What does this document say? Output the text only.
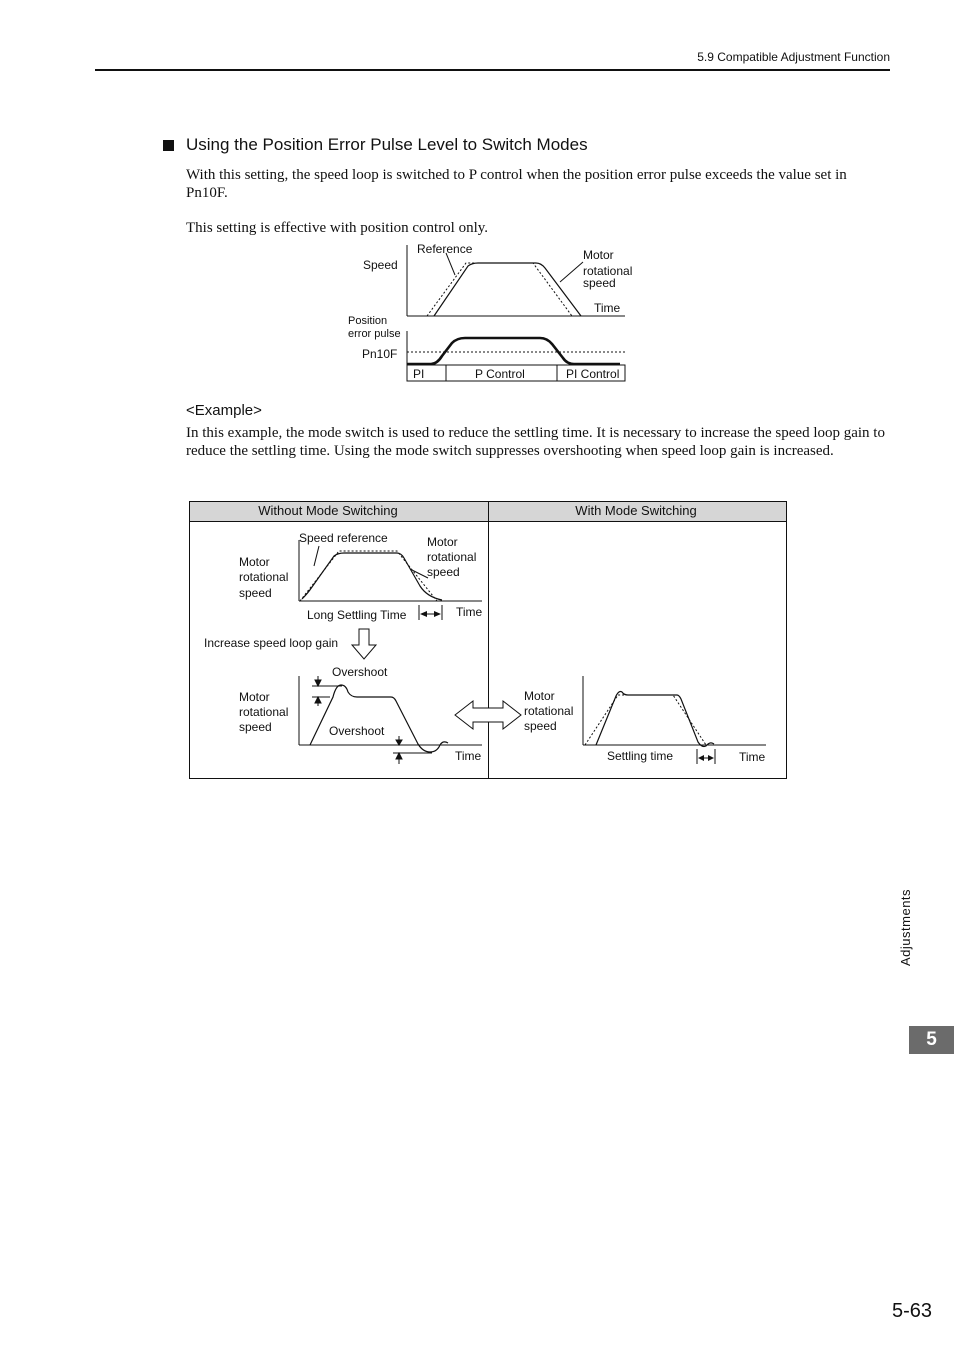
5.9 Compatible Adjustment Function
Using the Position Error Pulse Level to Switch Modes
With this setting, the speed loop is switched to P control when the position error pulse exceeds the value set in Pn10F.
This setting is effective with position control only.
Speed
Reference	Motor
rotational
speed
Time
Position
error pulse
Pn10F
PI	P Control	PI Control
<Example>
In this example, the mode switch is used to reduce the settling time. It is necessary to increase the speed loop gain to reduce the settling time. Using the mode switch suppresses overshooting when speed loop gain is increased.
Without Mode Switching	With Mode Switching
Motor
rotational
speed
Speed reference	Motor
rotational
speed
Long Settling Time	Time
Increase speed loop gain
Overshoot
Motor
rotational
speed	Overshoot
Time
Motor
rotational
speed
Settling time	Time
Adjustments
5
5-63
